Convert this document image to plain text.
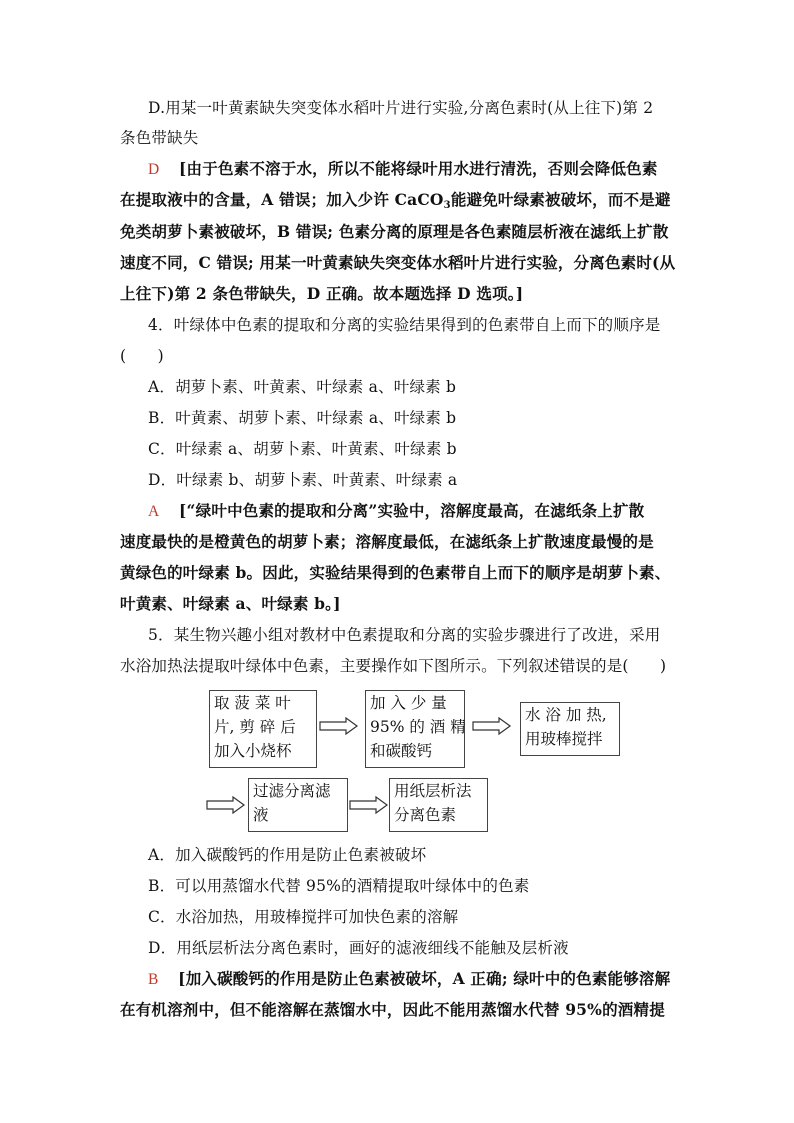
D.用某一叶黄素缺失突变体水稻叶片进行实验,分离色素时(从上往下)第 2
条色带缺失
D [由于色素不溶于水，所以不能将绿叶用水进行清洗，否则会降低色素
在提取液中的含量，A 错误；加入少许 CaCO$_3$能避免叶绿素被破坏，而不是避
免类胡萝卜素被破坏，B 错误; 色素分离的原理是各色素随层析液在滤纸上扩散
速度不同，C 错误; 用某一叶黄素缺失突变体水稻叶片进行实验，分离色素时(从
上往下)第 2 条色带缺失，D 正确。故本题选择 D 选项。]
4．叶绿体中色素的提取和分离的实验结果得到的色素带自上而下的顺序是
(　　)
A．胡萝卜素、叶黄素、叶绿素 a、叶绿素 b
B．叶黄素、胡萝卜素、叶绿素 a、叶绿素 b
C．叶绿素 a、胡萝卜素、叶黄素、叶绿素 b
D．叶绿素 b、胡萝卜素、叶黄素、叶绿素 a
A [“绿叶中色素的提取和分离”实验中，溶解度最高，在滤纸条上扩散
速度最快的是橙黄色的胡萝卜素；溶解度最低，在滤纸条上扩散速度最慢的是
黄绿色的叶绿素 b。因此，实验结果得到的色素带自上而下的顺序是胡萝卜素、
叶黄素、叶绿素 a、叶绿素 b。]
5．某生物兴趣小组对教材中色素提取和分离的实验步骤进行了改进，采用
水浴加热法提取叶绿体中色素，主要操作如下图所示。下列叙述错误的是(　　)
取 菠 菜 叶
片, 剪 碎 后
加入小烧杯
加 入 少 量
95% 的 酒 精
和碳酸钙
水 浴 加 热,
用玻棒搅拌
过滤分离滤
液
用纸层析法
分离色素
A．加入碳酸钙的作用是防止色素被破坏
B．可以用蒸馏水代替 95%的酒精提取叶绿体中的色素
C．水浴加热，用玻棒搅拌可加快色素的溶解
D．用纸层析法分离色素时，画好的滤液细线不能触及层析液
B [加入碳酸钙的作用是防止色素被破坏，A 正确; 绿叶中的色素能够溶解
在有机溶剂中，但不能溶解在蒸馏水中，因此不能用蒸馏水代替 95%的酒精提
